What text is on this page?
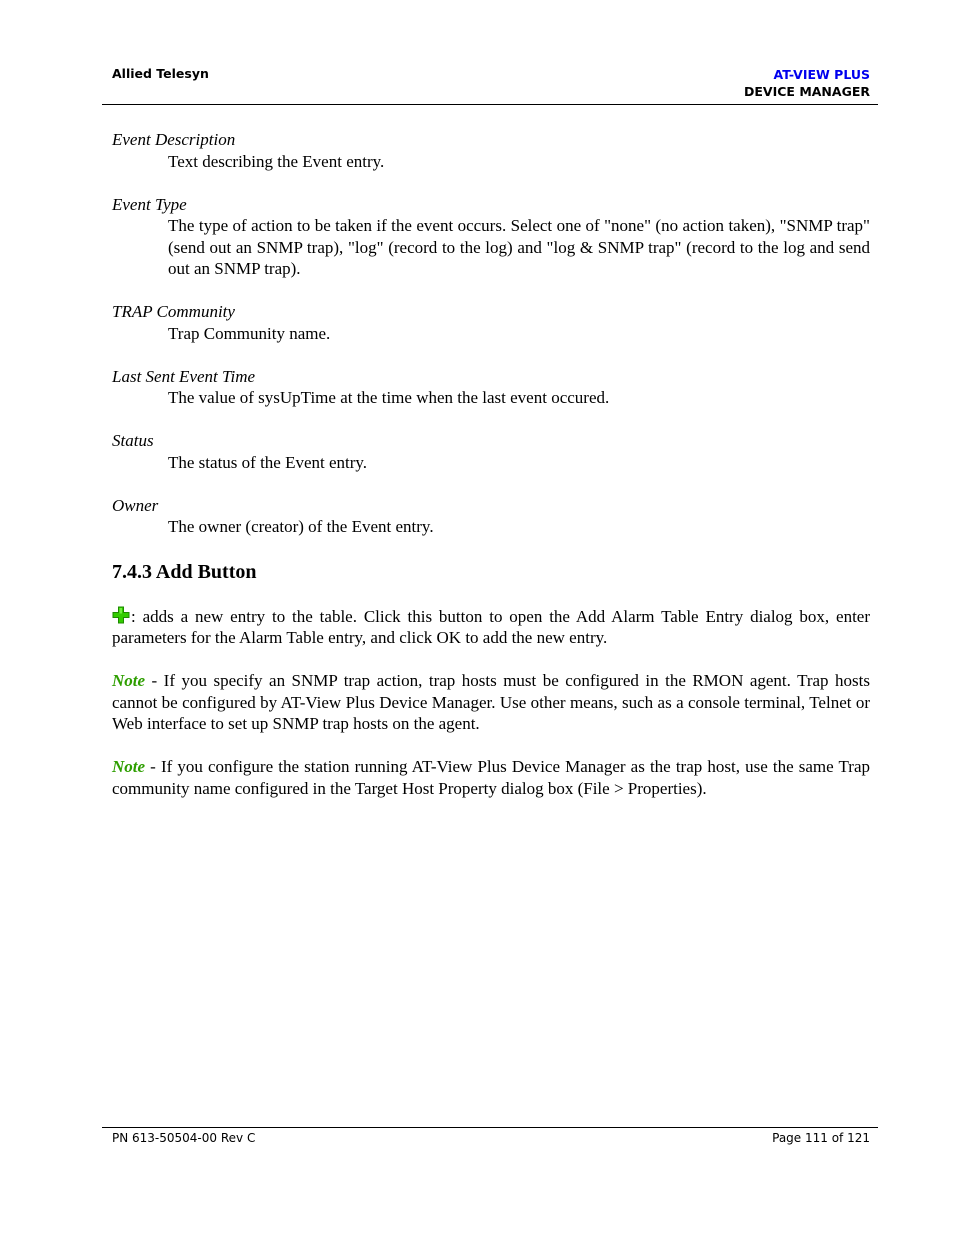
Allied Telesyn	AT-VIEW PLUS
DEVICE MANAGER
Event Description
Text describing the Event entry.
Event Type
The type of action to be taken if the event occurs. Select one of "none" (no action taken), "SNMP trap" (send out an SNMP trap), "log" (record to the log) and "log & SNMP trap" (record to the log and send out an SNMP trap).
TRAP Community
Trap Community name.
Last Sent Event Time
The value of sysUpTime at the time when the last event occured.
Status
The status of the Event entry.
Owner
The owner (creator) of the Event entry.
7.4.3 Add Button

: adds a new entry to the table. Click this button to open the Add Alarm Table Entry dialog box, enter parameters for the Alarm Table entry, and click OK to add the new entry.

Note - If you specify an SNMP trap action, trap hosts must be configured in the RMON agent. Trap hosts cannot be configured by AT-View Plus Device Manager. Use other means, such as a console terminal, Telnet or Web interface to set up SNMP trap hosts on the agent.

Note - If you configure the station running AT-View Plus Device Manager as the trap host, use the same Trap community name configured in the Target Host Property dialog box (File > Properties).

PN 613-50504-00 Rev C	Page 111 of 121
